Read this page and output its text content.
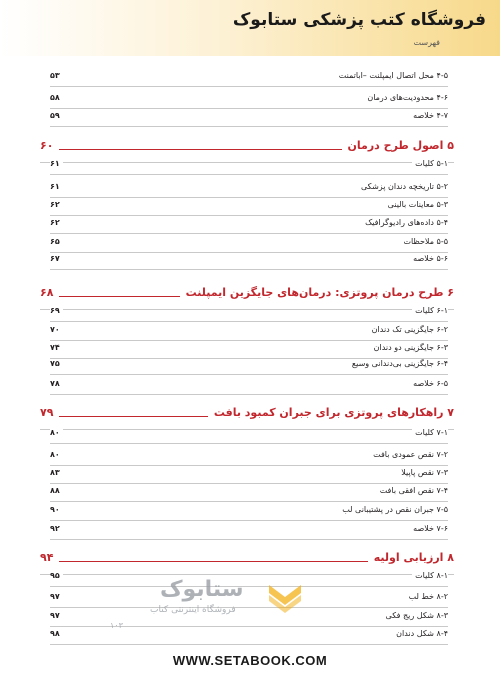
فروشگاه کتب پزشکی ستابوک
فهرست
۴-۵ محل اتصال ایمپلنت –اباتمنت
۵۳
۴-۶ محدودیت‌های درمان
۵۸
۴-۷ خلاصه
۵۹
۵ اصول طرح درمان
۶۰
۵-۱ کلیات
۶۱
۵-۲ تاریخچه دندان پزشکی
۶۱
۵-۳ معاینات بالینی
۶۲
۵-۴ داده‌های رادیوگرافیک
۶۲
۵-۵ ملاحظات
۶۵
۵-۶ خلاصه
۶۷
۶ طرح درمان پروتزی: درمان‌های جایگزین ایمپلنت
۶۸
۶-۱ کلیات
۶۹
۶-۲ جایگزینی تک دندان
۷۰
۶-۳ جایگزینی دو دندان
۷۴
۶-۴ جایگزینی بی‌دندانی وسیع
۷۵
۶-۵ خلاصه
۷۸
۷ راهکارهای پروتزی برای جبران کمبود بافت
۷۹
۷-۱ کلیات
۸۰
۷-۲ نقص عمودی بافت
۸۰
۷-۳ نقص پاپیلا
۸۳
۷-۴ نقص افقی بافت
۸۸
۷-۵ جبران نقص در پشتیبانی لب
۹۰
۷-۶ خلاصه
۹۲
۸ ارزیابی اولیه
۹۴
۸-۱ کلیات
۹۵
۸-۲ خط لب
۹۷
۸-۳ شکل ریج فکی
۹۷
۸-۴ شکل دندان
۹۸
ستابوک
فروشگاه اینترنتی کتاب
۱۰۳
WWW.SETABOOK.COM
